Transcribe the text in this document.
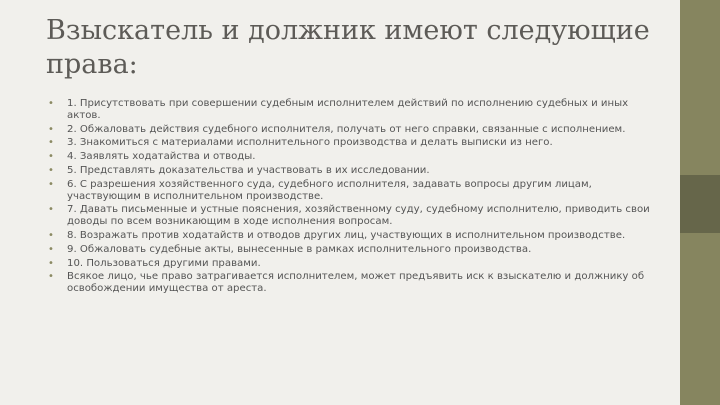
Взыскатель и должник имеют следующие права:
• 1. Присутствовать при совершении судебным исполнителем действий по исполнению судебных и иных актов.
• 2. Обжаловать действия судебного исполнителя, получать от него справки, связанные с исполнением.
• 3. Знакомиться с материалами исполнительного производства и делать выписки из него.
• 4. Заявлять ходатайства и отводы.
• 5. Представлять доказательства и участвовать в их исследовании.
• 6. С разрешения хозяйственного суда, судебного исполнителя, задавать вопросы другим лицам, участвующим в исполнительном производстве.
• 7. Давать письменные и устные пояснения, хозяйственному суду, судебному исполнителю, приводить свои доводы по всем возникающим в ходе исполнения вопросам.
• 8. Возражать против ходатайств и отводов других лиц, участвующих в исполнительном производстве.
• 9. Обжаловать судебные акты, вынесенные в рамках исполнительного производства.
• 10. Пользоваться другими правами.
• Всякое лицо, чье право затрагивается исполнителем, может предъявить иск к взыскателю и должнику об освобождении имущества от ареста.
